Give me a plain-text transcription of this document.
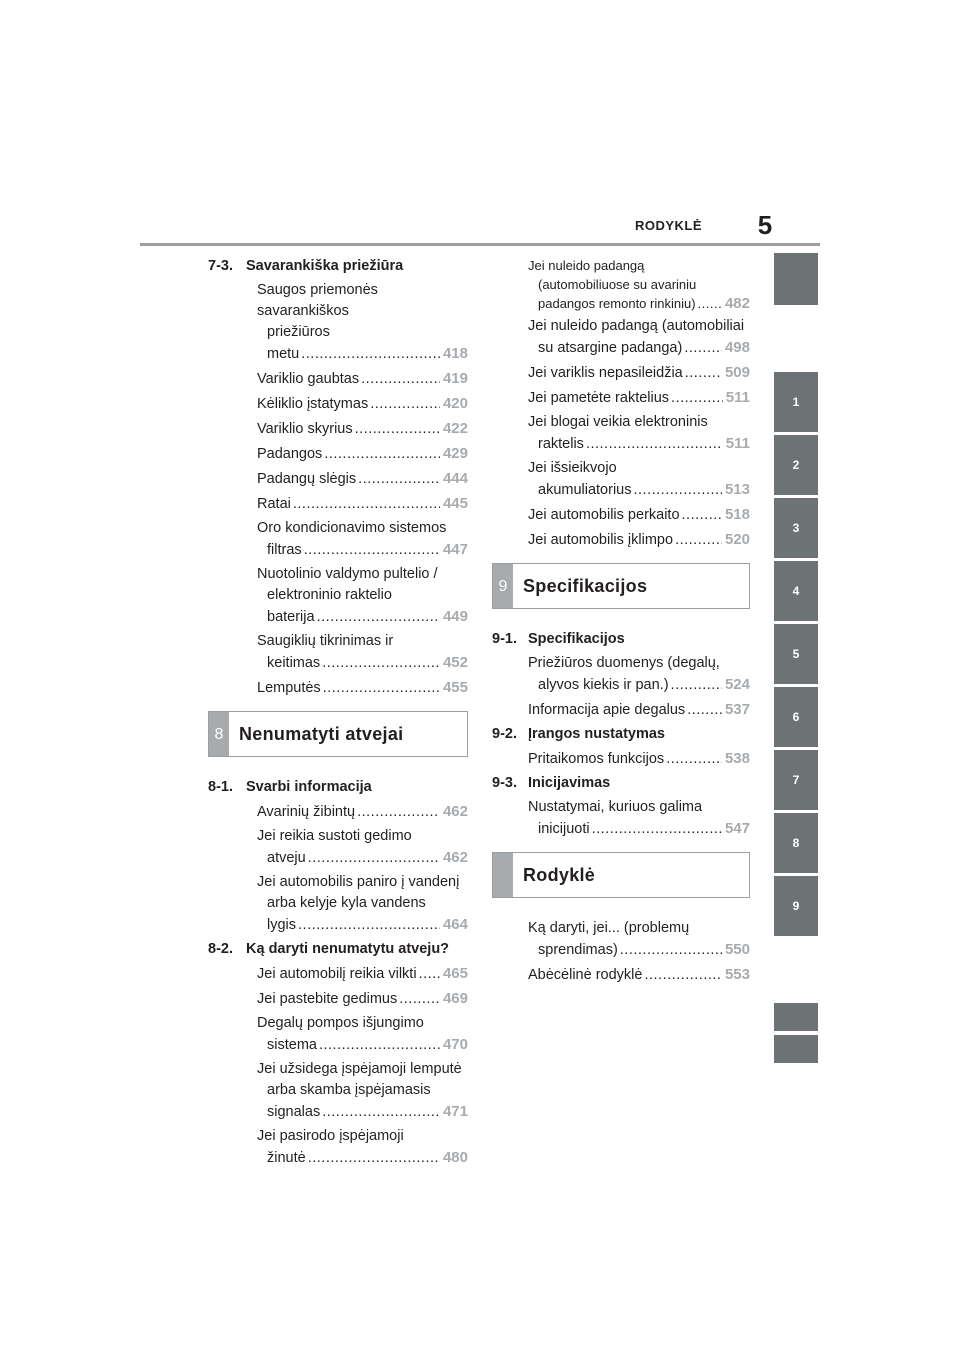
RODYKLĖ 5
1
2
3
4
5
6
7
8
9
7-3. Savarankiška priežiūra
Saugos priemonės savarankiškos
priežiūros
metu .....	418
Variklio gaubtas .....	419
Kėliklio įstatymas .....	420
Variklio skyrius .....	422
Padangos .....	429
Padangų slėgis .....	444
Ratai .....	445
Oro kondicionavimo sistemos
filtras .....	447
Nuotolinio valdymo pultelio /
elektroninio raktelio
baterija .....	449
Saugiklių tikrinimas ir
keitimas .....	452
Lemputės .....	455
8 Nenumatyti atvejai
8-1. Svarbi informacija
Avarinių žibintų .....	462
Jei reikia sustoti gedimo
atveju .....	462
Jei automobilis paniro į vandenį
arba kelyje kyla vandens
lygis .....	464
8-2. Ką daryti nenumatytu atveju?
Jei automobilį reikia vilkti ..... 465
Jei pastebite gedimus .....	469
Degalų pompos išjungimo
sistema .....	470
Jei užsidega įspėjamoji lemputė
arba skamba įspėjamasis
signalas .....	471
Jei pasirodo įspėjamoji
žinutė .....	480
Jei nuleido padangą
(automobiliuose su avariniu
padangos remonto rinkiniu) ..... 482
Jei nuleido padangą (automobiliai
su atsargine padanga) .....	498
Jei variklis nepasileidžia .....	509
Jei pametėte raktelius .....	511
Jei blogai veikia elektroninis
raktelis .....	511
Jei išsieikvojo
akumuliatorius .....	513
Jei automobilis perkaito .....	518
Jei automobilis įklimpo .....	520
9 Specifikacijos
9-1. Specifikacijos
Priežiūros duomenys (degalų,
alyvos kiekis ir pan.) .....	524
Informacija apie degalus .....	537
9-2. Įrangos nustatymas
Pritaikomos funkcijos .....	538
9-3. Inicijavimas
Nustatymai, kuriuos galima
inicijuoti .....	547
Rodyklė
Ką daryti, jei... (problemų
sprendimas) .....	550
Abėcėlinė rodyklė .....	553
